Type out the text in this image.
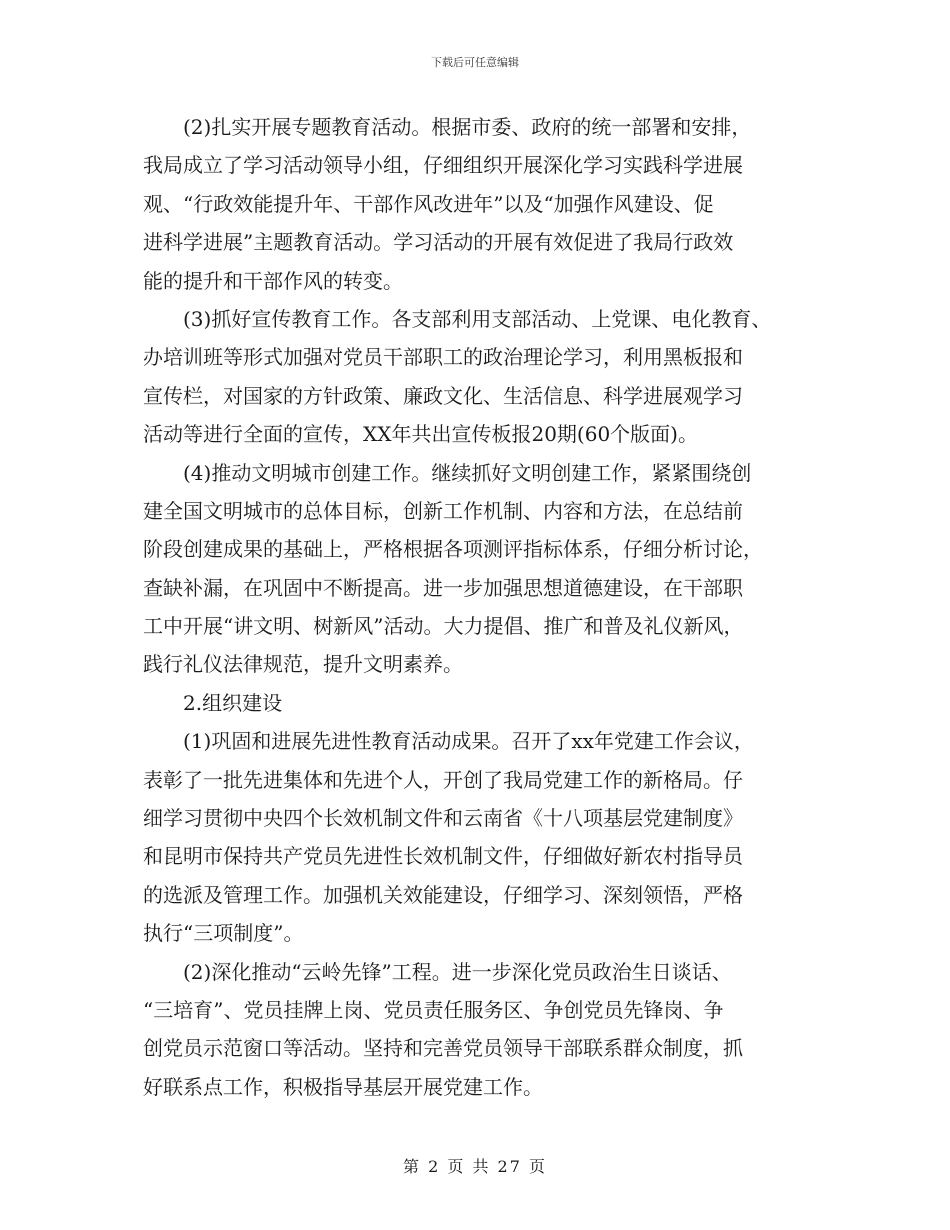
下载后可任意编辑
　　(2)扎实开展专题教育活动。根据市委、政府的统一部署和安排，
我局成立了学习活动领导小组，仔细组织开展深化学习实践科学进展
观、“行政效能提升年、干部作风改进年”以及“加强作风建设、促
进科学进展”主题教育活动。学习活动的开展有效促进了我局行政效
能的提升和干部作风的转变。
　　(3)抓好宣传教育工作。各支部利用支部活动、上党课、电化教育、
办培训班等形式加强对党员干部职工的政治理论学习，利用黑板报和
宣传栏，对国家的方针政策、廉政文化、生活信息、科学进展观学习
活动等进行全面的宣传，XX年共出宣传板报20期(60个版面)。
　　(4)推动文明城市创建工作。继续抓好文明创建工作，紧紧围绕创
建全国文明城市的总体目标，创新工作机制、内容和方法，在总结前
阶段创建成果的基础上，严格根据各项测评指标体系，仔细分析讨论，
查缺补漏，在巩固中不断提高。进一步加强思想道德建设，在干部职
工中开展“讲文明、树新风”活动。大力提倡、推广和普及礼仪新风，
践行礼仪法律规范，提升文明素养。
　　2.组织建设
　　(1)巩固和进展先进性教育活动成果。召开了xx年党建工作会议，
表彰了一批先进集体和先进个人，开创了我局党建工作的新格局。仔
细学习贯彻中央四个长效机制文件和云南省《十八项基层党建制度》
和昆明市保持共产党员先进性长效机制文件，仔细做好新农村指导员
的选派及管理工作。加强机关效能建设，仔细学习、深刻领悟，严格
执行“三项制度”。
　　(2)深化推动“云岭先锋”工程。进一步深化党员政治生日谈话、
“三培育”、党员挂牌上岗、党员责任服务区、争创党员先锋岗、争
创党员示范窗口等活动。坚持和完善党员领导干部联系群众制度，抓
好联系点工作，积极指导基层开展党建工作。
第 2 页 共 27 页
